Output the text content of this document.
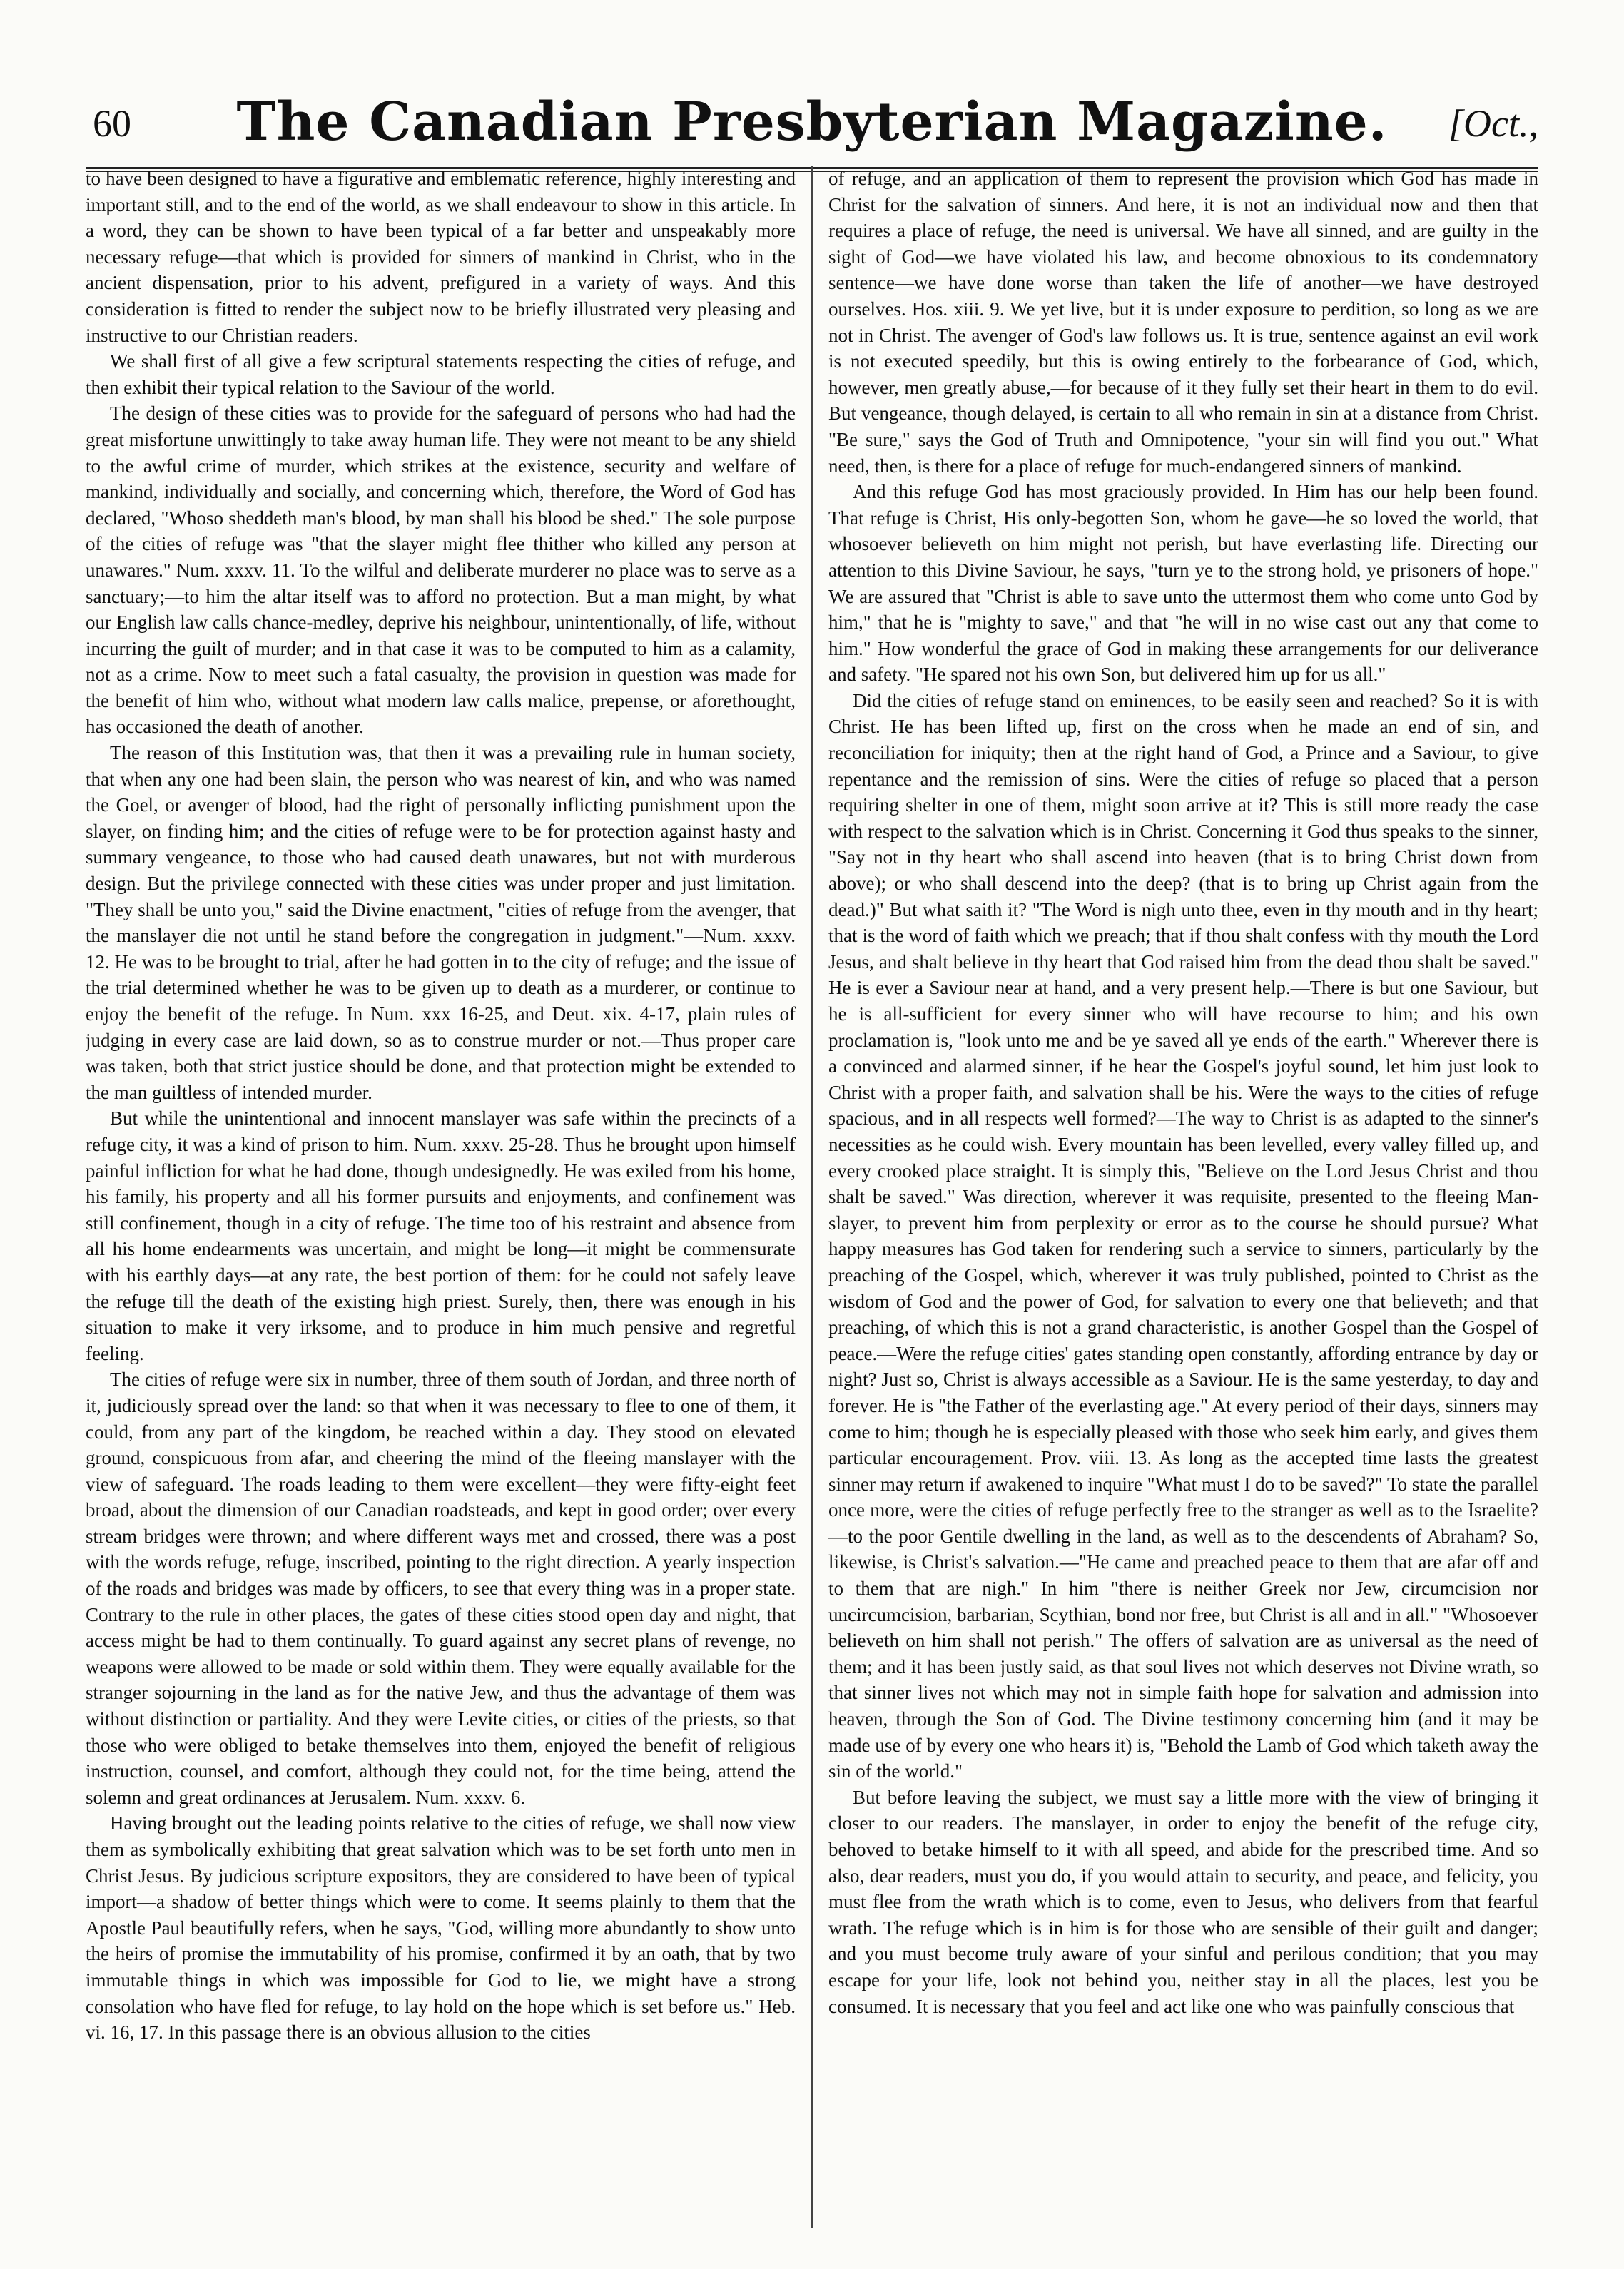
60	The Canadian Presbyterian Magazine.	[Oct.,

to have been designed to have a figurative and emblematic reference, highly interesting and important still, and to the end of the world, as we shall endeavour to show in this article. In a word, they can be shown to have been typical of a far better and unspeakably more necessary refuge—that which is provided for sinners of mankind in Christ, who in the ancient dispensation, prior to his advent, prefigured in a variety of ways. And this consideration is fitted to render the subject now to be briefly illustrated very pleasing and instructive to our Christian readers.

We shall first of all give a few scriptural statements respecting the cities of refuge, and then exhibit their typical relation to the Saviour of the world.

The design of these cities was to provide for the safeguard of persons who had had the great misfortune unwittingly to take away human life. They were not meant to be any shield to the awful crime of murder, which strikes at the existence, security and welfare of mankind, individually and socially, and concerning which, therefore, the Word of God has declared, "Whoso sheddeth man's blood, by man shall his blood be shed." The sole purpose of the cities of refuge was "that the slayer might flee thither who killed any person at unawares." Num. xxxv. 11. To the wilful and deliberate murderer no place was to serve as a sanctuary;—to him the altar itself was to afford no protection. But a man might, by what our English law calls chance-medley, deprive his neighbour, unintentionally, of life, without incurring the guilt of murder; and in that case it was to be computed to him as a calamity, not as a crime. Now to meet such a fatal casualty, the provision in question was made for the benefit of him who, without what modern law calls malice, prepense, or aforethought, has occasioned the death of another.

The reason of this Institution was, that then it was a prevailing rule in human society, that when any one had been slain, the person who was nearest of kin, and who was named the Goel, or avenger of blood, had the right of personally inflicting punishment upon the slayer, on finding him; and the cities of refuge were to be for protection against hasty and summary vengeance, to those who had caused death unawares, but not with murderous design. But the privilege connected with these cities was under proper and just limitation. "They shall be unto you," said the Divine enactment, "cities of refuge from the avenger, that the manslayer die not until he stand before the congregation in judgment."—Num. xxxv. 12. He was to be brought to trial, after he had gotten in to the city of refuge; and the issue of the trial determined whether he was to be given up to death as a murderer, or continue to enjoy the benefit of the refuge. In Num. xxx 16-25, and Deut. xix. 4-17, plain rules of judging in every case are laid down, so as to construe murder or not.—Thus proper care was taken, both that strict justice should be done, and that protection might be extended to the man guiltless of intended murder.

But while the unintentional and innocent manslayer was safe within the precincts of a refuge city, it was a kind of prison to him. Num. xxxv. 25-28. Thus he brought upon himself painful infliction for what he had done, though undesignedly. He was exiled from his home, his family, his property and all his former pursuits and enjoyments, and confinement was still confinement, though in a city of refuge. The time too of his restraint and absence from all his home endearments was uncertain, and might be long—it might be commensurate with his earthly days—at any rate, the best portion of them: for he could not safely leave the refuge till the death of the existing high priest. Surely, then, there was enough in his situation to make it very irksome, and to produce in him much pensive and regretful feeling.

The cities of refuge were six in number, three of them south of Jordan, and three north of it, judiciously spread over the land: so that when it was necessary to flee to one of them, it could, from any part of the kingdom, be reached within a day. They stood on elevated ground, conspicuous from afar, and cheering the mind of the fleeing manslayer with the view of safeguard. The roads leading to them were excellent—they were fifty-eight feet broad, about the dimension of our Canadian roadsteads, and kept in good order; over every stream bridges were thrown; and where different ways met and crossed, there was a post with the words refuge, refuge, inscribed, pointing to the right direction. A yearly inspection of the roads and bridges was made by officers, to see that every thing was in a proper state. Contrary to the rule in other places, the gates of these cities stood open day and night, that access might be had to them continually. To guard against any secret plans of revenge, no weapons were allowed to be made or sold within them. They were equally available for the stranger sojourning in the land as for the native Jew, and thus the advantage of them was without distinction or partiality. And they were Levite cities, or cities of the priests, so that those who were obliged to betake themselves into them, enjoyed the benefit of religious instruction, counsel, and comfort, although they could not, for the time being, attend the solemn and great ordinances at Jerusalem. Num. xxxv. 6.

Having brought out the leading points relative to the cities of refuge, we shall now view them as symbolically exhibiting that great salvation which was to be set forth unto men in Christ Jesus. By judicious scripture expositors, they are considered to have been of typical import—a shadow of better things which were to come. It seems plainly to them that the Apostle Paul beautifully refers, when he says, "God, willing more abundantly to show unto the heirs of promise the immutability of his promise, confirmed it by an oath, that by two immutable things in which was impossible for God to lie, we might have a strong consolation who have fled for refuge, to lay hold on the hope which is set before us." Heb. vi. 16, 17. In this passage there is an obvious allusion to the cities

of refuge, and an application of them to represent the provision which God has made in Christ for the salvation of sinners. And here, it is not an individual now and then that requires a place of refuge, the need is universal. We have all sinned, and are guilty in the sight of God—we have violated his law, and become obnoxious to its condemnatory sentence—we have done worse than taken the life of another—we have destroyed ourselves. Hos. xiii. 9. We yet live, but it is under exposure to perdition, so long as we are not in Christ. The avenger of God's law follows us. It is true, sentence against an evil work is not executed speedily, but this is owing entirely to the forbearance of God, which, however, men greatly abuse,—for because of it they fully set their heart in them to do evil. But vengeance, though delayed, is certain to all who remain in sin at a distance from Christ. "Be sure," says the God of Truth and Omnipotence, "your sin will find you out." What need, then, is there for a place of refuge for much-endangered sinners of mankind.

And this refuge God has most graciously provided. In Him has our help been found. That refuge is Christ, His only-begotten Son, whom he gave—he so loved the world, that whosoever believeth on him might not perish, but have everlasting life. Directing our attention to this Divine Saviour, he says, "turn ye to the strong hold, ye prisoners of hope." We are assured that "Christ is able to save unto the uttermost them who come unto God by him," that he is "mighty to save," and that "he will in no wise cast out any that come to him." How wonderful the grace of God in making these arrangements for our deliverance and safety. "He spared not his own Son, but delivered him up for us all."

Did the cities of refuge stand on eminences, to be easily seen and reached? So it is with Christ. He has been lifted up, first on the cross when he made an end of sin, and reconciliation for iniquity; then at the right hand of God, a Prince and a Saviour, to give repentance and the remission of sins. Were the cities of refuge so placed that a person requiring shelter in one of them, might soon arrive at it? This is still more ready the case with respect to the salvation which is in Christ. Concerning it God thus speaks to the sinner, "Say not in thy heart who shall ascend into heaven (that is to bring Christ down from above); or who shall descend into the deep? (that is to bring up Christ again from the dead.)" But what saith it? "The Word is nigh unto thee, even in thy mouth and in thy heart; that is the word of faith which we preach; that if thou shalt confess with thy mouth the Lord Jesus, and shalt believe in thy heart that God raised him from the dead thou shalt be saved." He is ever a Saviour near at hand, and a very present help.—There is but one Saviour, but he is all-sufficient for every sinner who will have recourse to him; and his own proclamation is, "look unto me and be ye saved all ye ends of the earth." Wherever there is a convinced and alarmed sinner, if he hear the Gospel's joyful sound, let him just look to Christ with a proper faith, and salvation shall be his. Were the ways to the cities of refuge spacious, and in all respects well formed?—The way to Christ is as adapted to the sinner's necessities as he could wish. Every mountain has been levelled, every valley filled up, and every crooked place straight. It is simply this, "Believe on the Lord Jesus Christ and thou shalt be saved." Was direction, wherever it was requisite, presented to the fleeing Man-slayer, to prevent him from perplexity or error as to the course he should pursue? What happy measures has God taken for rendering such a service to sinners, particularly by the preaching of the Gospel, which, wherever it was truly published, pointed to Christ as the wisdom of God and the power of God, for salvation to every one that believeth; and that preaching, of which this is not a grand characteristic, is another Gospel than the Gospel of peace.—Were the refuge cities' gates standing open constantly, affording entrance by day or night? Just so, Christ is always accessible as a Saviour. He is the same yesterday, to day and forever. He is "the Father of the everlasting age." At every period of their days, sinners may come to him; though he is especially pleased with those who seek him early, and gives them particular encouragement. Prov. viii. 13. As long as the accepted time lasts the greatest sinner may return if awakened to inquire "What must I do to be saved?" To state the parallel once more, were the cities of refuge perfectly free to the stranger as well as to the Israelite?—to the poor Gentile dwelling in the land, as well as to the descendents of Abraham? So, likewise, is Christ's salvation.—"He came and preached peace to them that are afar off and to them that are nigh." In him "there is neither Greek nor Jew, circumcision nor uncircumcision, barbarian, Scythian, bond nor free, but Christ is all and in all." "Whosoever believeth on him shall not perish." The offers of salvation are as universal as the need of them; and it has been justly said, as that soul lives not which deserves not Divine wrath, so that sinner lives not which may not in simple faith hope for salvation and admission into heaven, through the Son of God. The Divine testimony concerning him (and it may be made use of by every one who hears it) is, "Behold the Lamb of God which taketh away the sin of the world."

But before leaving the subject, we must say a little more with the view of bringing it closer to our readers. The manslayer, in order to enjoy the benefit of the refuge city, behoved to betake himself to it with all speed, and abide for the prescribed time. And so also, dear readers, must you do, if you would attain to security, and peace, and felicity, you must flee from the wrath which is to come, even to Jesus, who delivers from that fearful wrath. The refuge which is in him is for those who are sensible of their guilt and danger; and you must become truly aware of your sinful and perilous condition; that you may escape for your life, look not behind you, neither stay in all the places, lest you be consumed. It is necessary that you feel and act like one who was painfully conscious that
